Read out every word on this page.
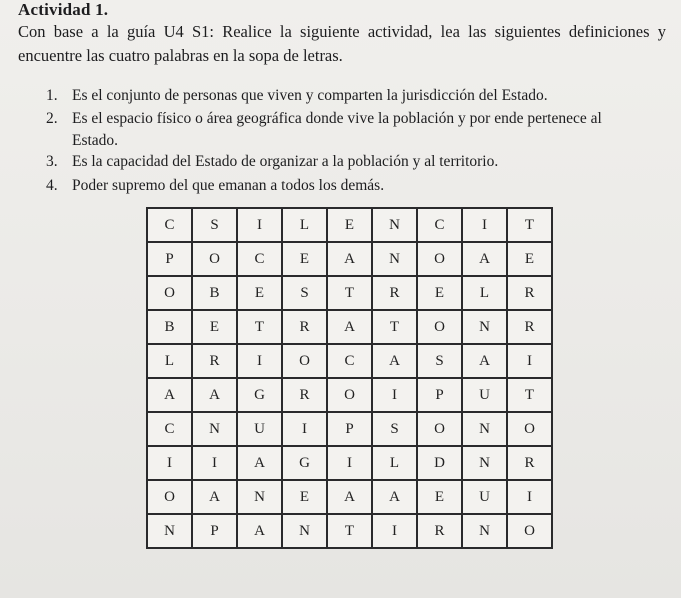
Actividad 1.
Con base a la guía U4 S1: Realice la siguiente actividad, lea las siguientes definiciones y encuentre las cuatro palabras en la sopa de letras.
1. Es el conjunto de personas que viven y comparten la jurisdicción del Estado.
2. Es el espacio físico o área geográfica donde vive la población y por ende pertenece al
Estado.
3. Es la capacidad del Estado de organizar a la población y al territorio.
4. Poder supremo del que emanan a todos los demás.
C	S	I	L	E	N	C	I	T
P	O	C	E	A	N	O	A	E
O	B	E	S	T	R	E	L	R
B	E	T	R	A	T	O	N	R
L	R	I	O	C	A	S	A	I
A	A	G	R	O	I	P	U	T
C	N	U	I	P	S	O	N	O
I	I	A	G	I	L	D	N	R
O	A	N	E	A	A	E	U	I
N	P	A	N	T	I	R	N	O
